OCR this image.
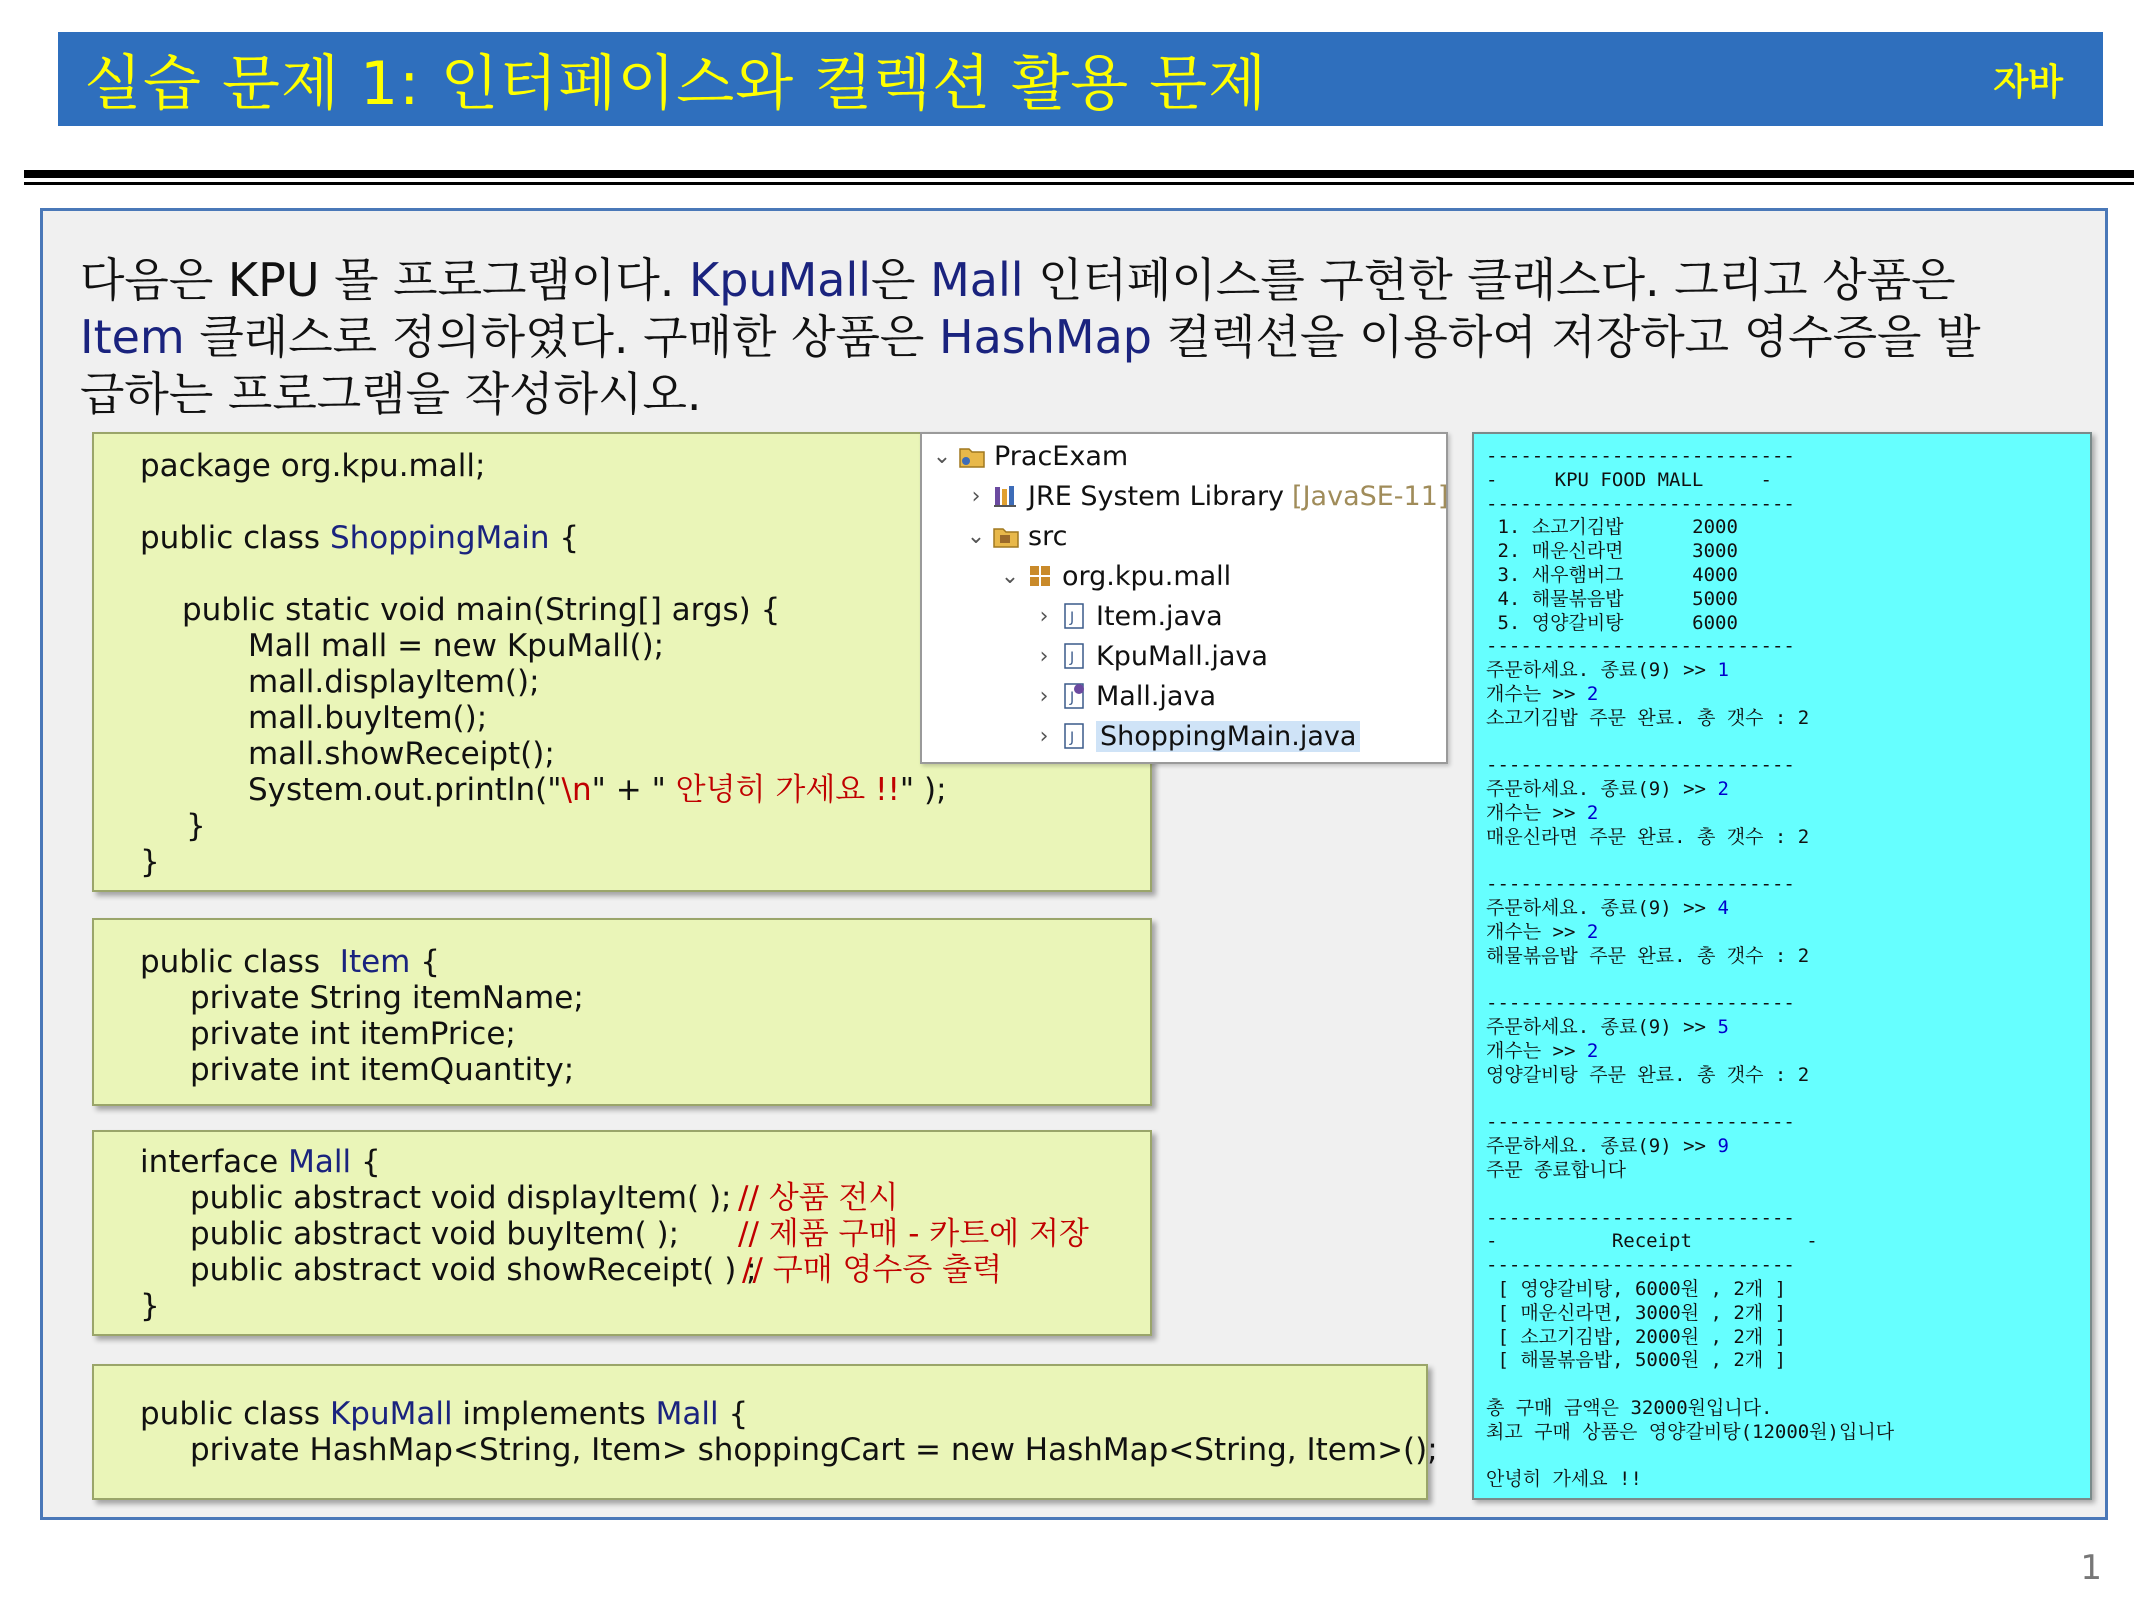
실습 문제 1: 인터페이스와 컬렉션 활용 문제	자바
다음은 KPU 몰 프로그램이다. KpuMall은 Mall 인터페이스를 구현한 클래스다. 그리고 상품은
Item 클래스로 정의하였다. 구매한 상품은 HashMap 컬렉션을 이용하여 저장하고 영수증을 발
급하는 프로그램을 작성하시오.
package org.kpu.mall;
public class ShoppingMain {
public static void main(String[] args) {
Mall mall = new KpuMall();
mall.displayItem();
mall.buyItem();
mall.showReceipt();
System.out.println("\n" + " 안녕히 가세요 !!" );
}
}
public class  Item {
private String itemName;
private int itemPrice;
private int itemQuantity;
interface Mall {
public abstract void displayItem( ); // 상품 전시
public abstract void buyItem( ); // 제품 구매 - 카트에 저장
public abstract void showReceipt( ) ;
// 구매 영수증 출력
}
public class KpuMall implements Mall {
private HashMap<String, Item> shoppingCart = new HashMap<String, Item>();
⌄ PracExam
› JRE System Library [JavaSE-11]
⌄ src
⌄ org.kpu.mall
›	J Item.java
›	J KpuMall.java
›	J Mall.java
›	J ShoppingMain.java
---------------------------
-     KPU FOOD MALL     -
---------------------------
1. 소고기김밥      2000
2. 매운신라면      3000
3. 새우햄버그      4000
4. 해물볶음밥      5000
5. 영양갈비탕      6000
---------------------------
주문하세요. 종료(9) >> 1
개수는 >> 2
소고기김밥 주문 완료. 총 갯수 : 2
---------------------------
주문하세요. 종료(9) >> 2
개수는 >> 2
매운신라면 주문 완료. 총 갯수 : 2
---------------------------
주문하세요. 종료(9) >> 4
개수는 >> 2
해물볶음밥 주문 완료. 총 갯수 : 2
---------------------------
주문하세요. 종료(9) >> 5
개수는 >> 2
영양갈비탕 주문 완료. 총 갯수 : 2
---------------------------
주문하세요. 종료(9) >> 9
주문 종료합니다
---------------------------
-          Receipt          -
---------------------------
[ 영양갈비탕, 6000원 , 2개 ]
[ 매운신라면, 3000원 , 2개 ]
[ 소고기김밥, 2000원 , 2개 ]
[ 해물볶음밥, 5000원 , 2개 ]
총 구매 금액은 32000원입니다.
최고 구매 상품은 영양갈비탕(12000원)입니다
안녕히 가세요 !!
1
